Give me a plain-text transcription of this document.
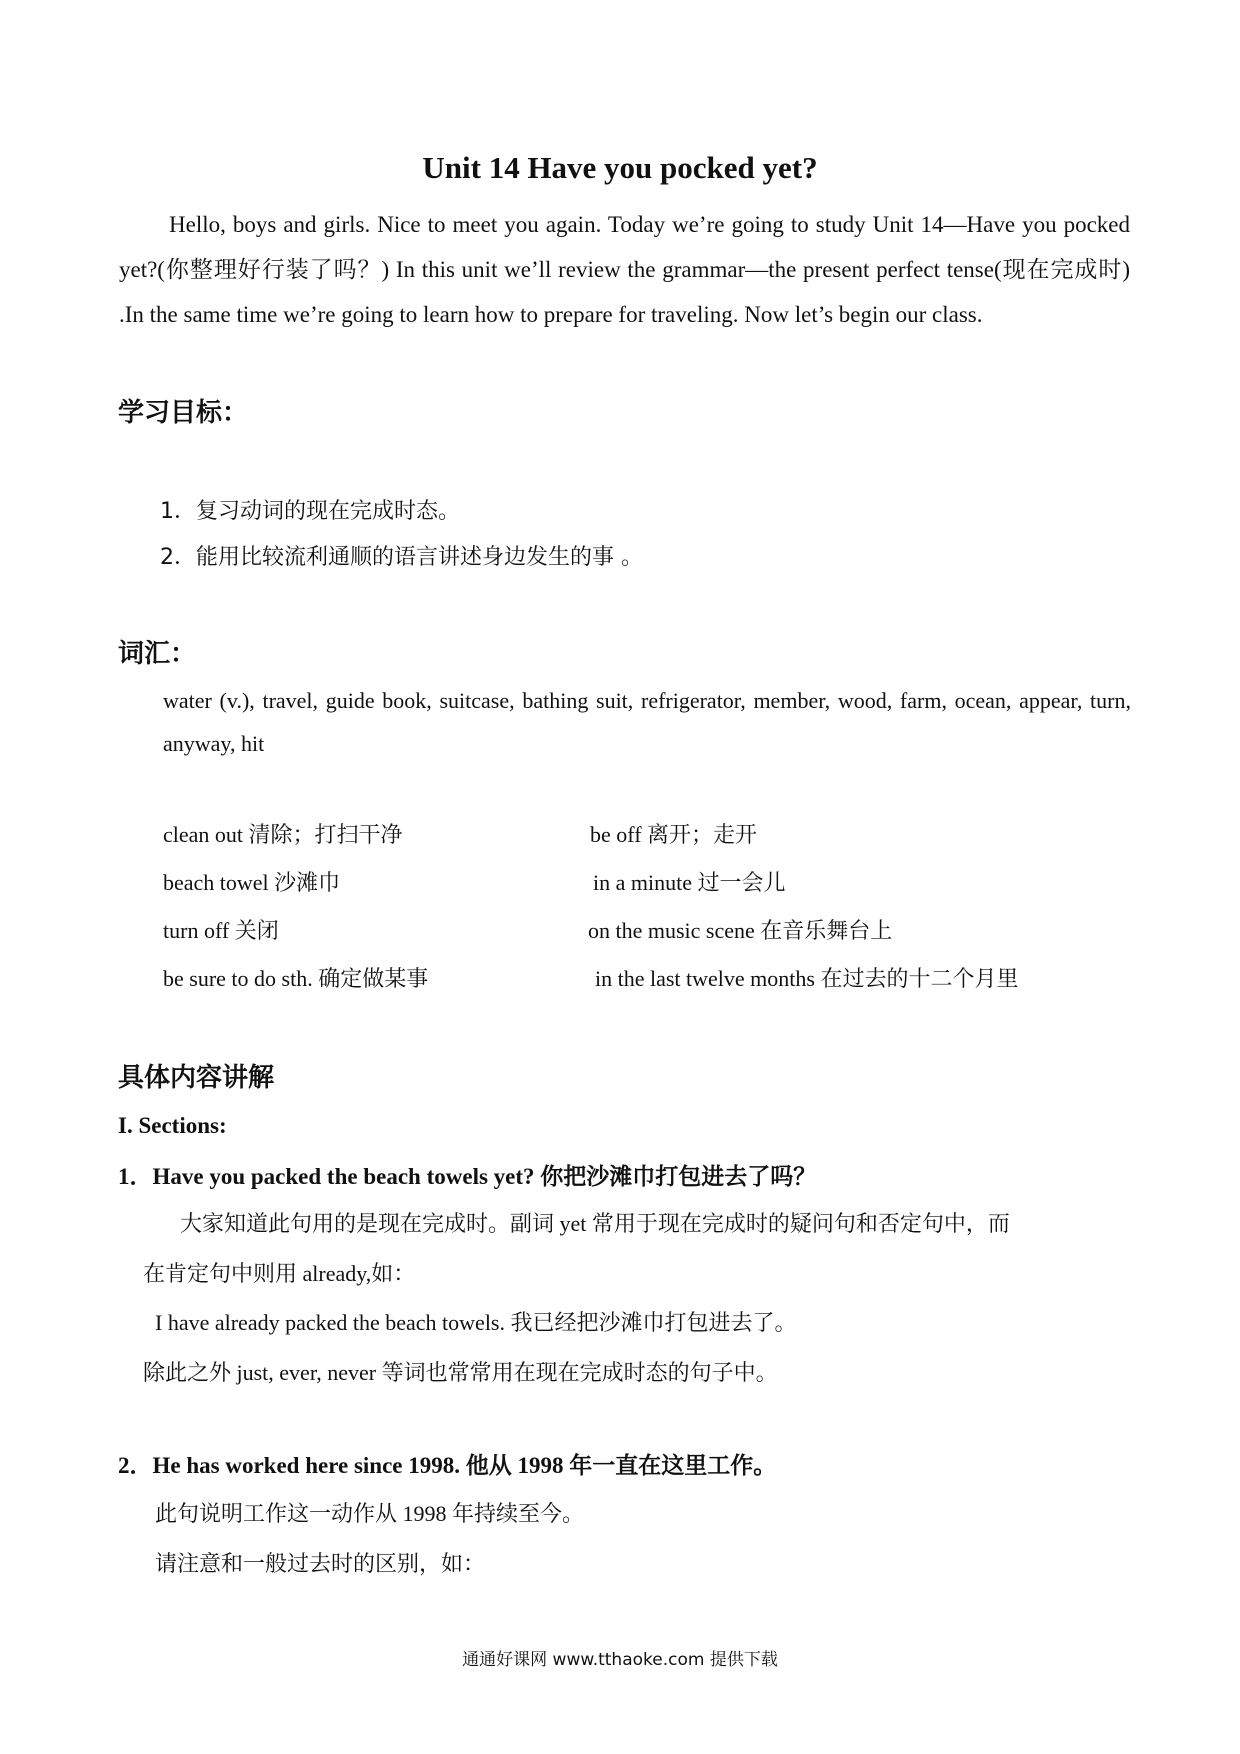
Unit 14 Have you pocked yet?

Hello, boys and girls. Nice to meet you again. Today we’re going to study Unit 14—Have you pocked yet?(你整理好行装了吗？) In this unit we’ll review the grammar—the present perfect tense(现在完成时) .In the same time we’re going to learn how to prepare for traveling. Now let’s begin our class.

学习目标：
1．复习动词的现在完成时态。
2．能用比较流利通顺的语言讲述身边发生的事 。
词汇：

water (v.), travel, guide book, suitcase, bathing suit, refrigerator, member, wood, farm, ocean, appear, turn, anyway, hit

clean out 清除；打扫干净	be off 离开；走开
beach towel 沙滩巾	in a minute 过一会儿
turn off 关闭	on the music scene 在音乐舞台上
be sure to do sth. 确定做某事	in the last twelve months 在过去的十二个月里
具体内容讲解
I. Sections:
1．Have you packed the beach towels yet? 你把沙滩巾打包进去了吗？
大家知道此句用的是现在完成时。副词 yet 常用于现在完成时的疑问句和否定句中，而
在肯定句中则用 already,如：
I have already packed the beach towels. 我已经把沙滩巾打包进去了。
除此之外 just, ever, never 等词也常常用在现在完成时态的句子中。
2．He has worked here since 1998. 他从 1998 年一直在这里工作。
此句说明工作这一动作从 1998 年持续至今。
请注意和一般过去时的区别，如：
通通好课网 www.tthaoke.com 提供下载
